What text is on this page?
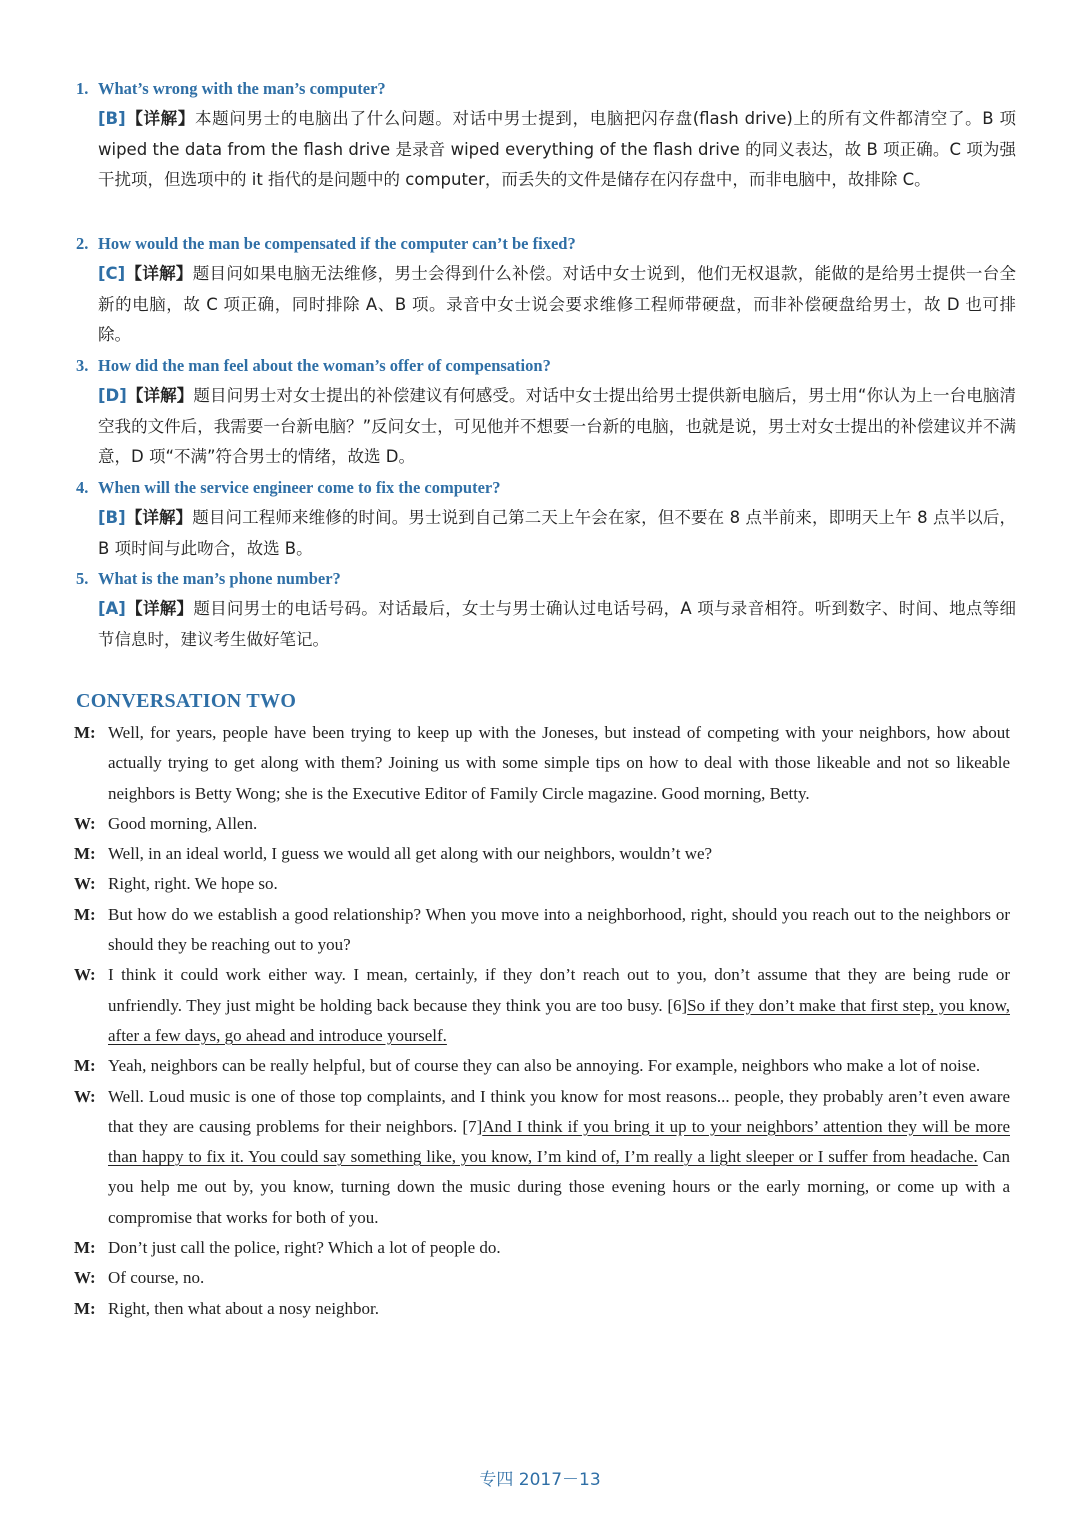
1. What’s wrong with the man’s computer?
[B]【详解】本题问男士的电脑出了什么问题。对话中男士提到，电脑把闪存盘(flash drive)上的所有文件都清空了。B 项 wiped the data from the flash drive 是录音 wiped everything of the flash drive 的同义表达，故 B 项正确。C 项为强干扰项，但选项中的 it 指代的是问题中的 computer，而丢失的文件是储存在闪存盘中，而非电脑中，故排除 C。
2. How would the man be compensated if the computer can’t be fixed?
[C]【详解】题目问如果电脑无法维修，男士会得到什么补偿。对话中女士说到，他们无权退款，能做的是给男士提供一台全新的电脑，故 C 项正确，同时排除 A、B 项。录音中女士说会要求维修工程师带硬盘，而非补偿硬盘给男士，故 D 也可排除。
3. How did the man feel about the woman’s offer of compensation?
[D]【详解】题目问男士对女士提出的补偿建议有何感受。对话中女士提出给男士提供新电脑后，男士用“你认为上一台电脑清空我的文件后，我需要一台新电脑？”反问女士，可见他并不想要一台新的电脑，也就是说，男士对女士提出的补偿建议并不满意，D 项“不满”符合男士的情绪，故选 D。
4. When will the service engineer come to fix the computer?
[B]【详解】题目问工程师来维修的时间。男士说到自己第二天上午会在家，但不要在 8 点半前来，即明天上午 8 点半以后，B 项时间与此吻合，故选 B。
5. What is the man’s phone number?
[A]【详解】题目问男士的电话号码。对话最后，女士与男士确认过电话号码，A 项与录音相符。听到数字、时间、地点等细节信息时，建议考生做好笔记。
CONVERSATION TWO
M: Well, for years, people have been trying to keep up with the Joneses, but instead of competing with your neighbors, how about actually trying to get along with them? Joining us with some simple tips on how to deal with those likeable and not so likeable neighbors is Betty Wong; she is the Executive Editor of Family Circle magazine. Good morning, Betty.
W: Good morning, Allen.
M: Well, in an ideal world, I guess we would all get along with our neighbors, wouldn’t we?
W: Right, right. We hope so.
M: But how do we establish a good relationship? When you move into a neighborhood, right, should you reach out to the neighbors or should they be reaching out to you?
W: I think it could work either way. I mean, certainly, if they don’t reach out to you, don’t assume that they are being rude or unfriendly. They just might be holding back because they think you are too busy. [6]So if they don’t make that first step, you know, after a few days, go ahead and introduce yourself.
M: Yeah, neighbors can be really helpful, but of course they can also be annoying. For example, neighbors who make a lot of noise.
W: Well. Loud music is one of those top complaints, and I think you know for most reasons... people, they probably aren’t even aware that they are causing problems for their neighbors. [7]And I think if you bring it up to your neighbors’ attention they will be more than happy to fix it. You could say something like, you know, I’m kind of, I’m really a light sleeper or I suffer from headache. Can you help me out by, you know, turning down the music during those evening hours or the early morning, or come up with a compromise that works for both of you.
M: Don’t just call the police, right? Which a lot of people do.
W: Of course, no.
M: Right, then what about a nosy neighbor.
专四 2017－13
